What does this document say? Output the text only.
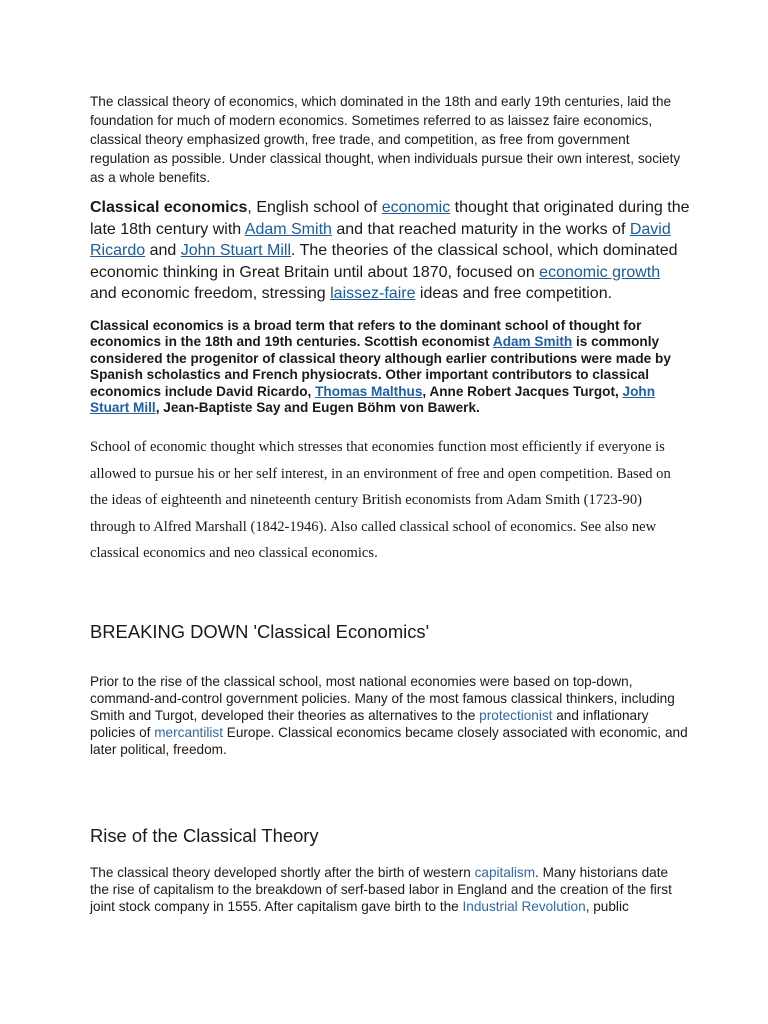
The classical theory of economics, which dominated in the 18th and early 19th centuries, laid the foundation for much of modern economics. Sometimes referred to as laissez faire economics, classical theory emphasized growth, free trade, and competition, as free from government regulation as possible. Under classical thought, when individuals pursue their own interest, society as a whole benefits.

Classical economics, English school of economic thought that originated during the late 18th century with Adam Smith and that reached maturity in the works of David Ricardo and John Stuart Mill. The theories of the classical school, which dominated economic thinking in Great Britain until about 1870, focused on economic growth and economic freedom, stressing laissez-faire ideas and free competition.

Classical economics is a broad term that refers to the dominant school of thought for economics in the 18th and 19th centuries. Scottish economist Adam Smith is commonly considered the progenitor of classical theory although earlier contributions were made by Spanish scholastics and French physiocrats. Other important contributors to classical economics include David Ricardo, Thomas Malthus, Anne Robert Jacques Turgot, John Stuart Mill, Jean-Baptiste Say and Eugen Böhm von Bawerk.

School of economic thought which stresses that economies function most efficiently if everyone is allowed to pursue his or her self interest, in an environment of free and open competition. Based on the ideas of eighteenth and nineteenth century British economists from Adam Smith (1723-90) through to Alfred Marshall (1842-1946). Also called classical school of economics. See also new classical economics and neo classical economics.

BREAKING DOWN 'Classical Economics'

Prior to the rise of the classical school, most national economies were based on top-down, command-and-control government policies. Many of the most famous classical thinkers, including Smith and Turgot, developed their theories as alternatives to the protectionist and inflationary policies of mercantilist Europe. Classical economics became closely associated with economic, and later political, freedom.

Rise of the Classical Theory

The classical theory developed shortly after the birth of western capitalism. Many historians date the rise of capitalism to the breakdown of serf-based labor in England and the creation of the first joint stock company in 1555. After capitalism gave birth to the Industrial Revolution, public
